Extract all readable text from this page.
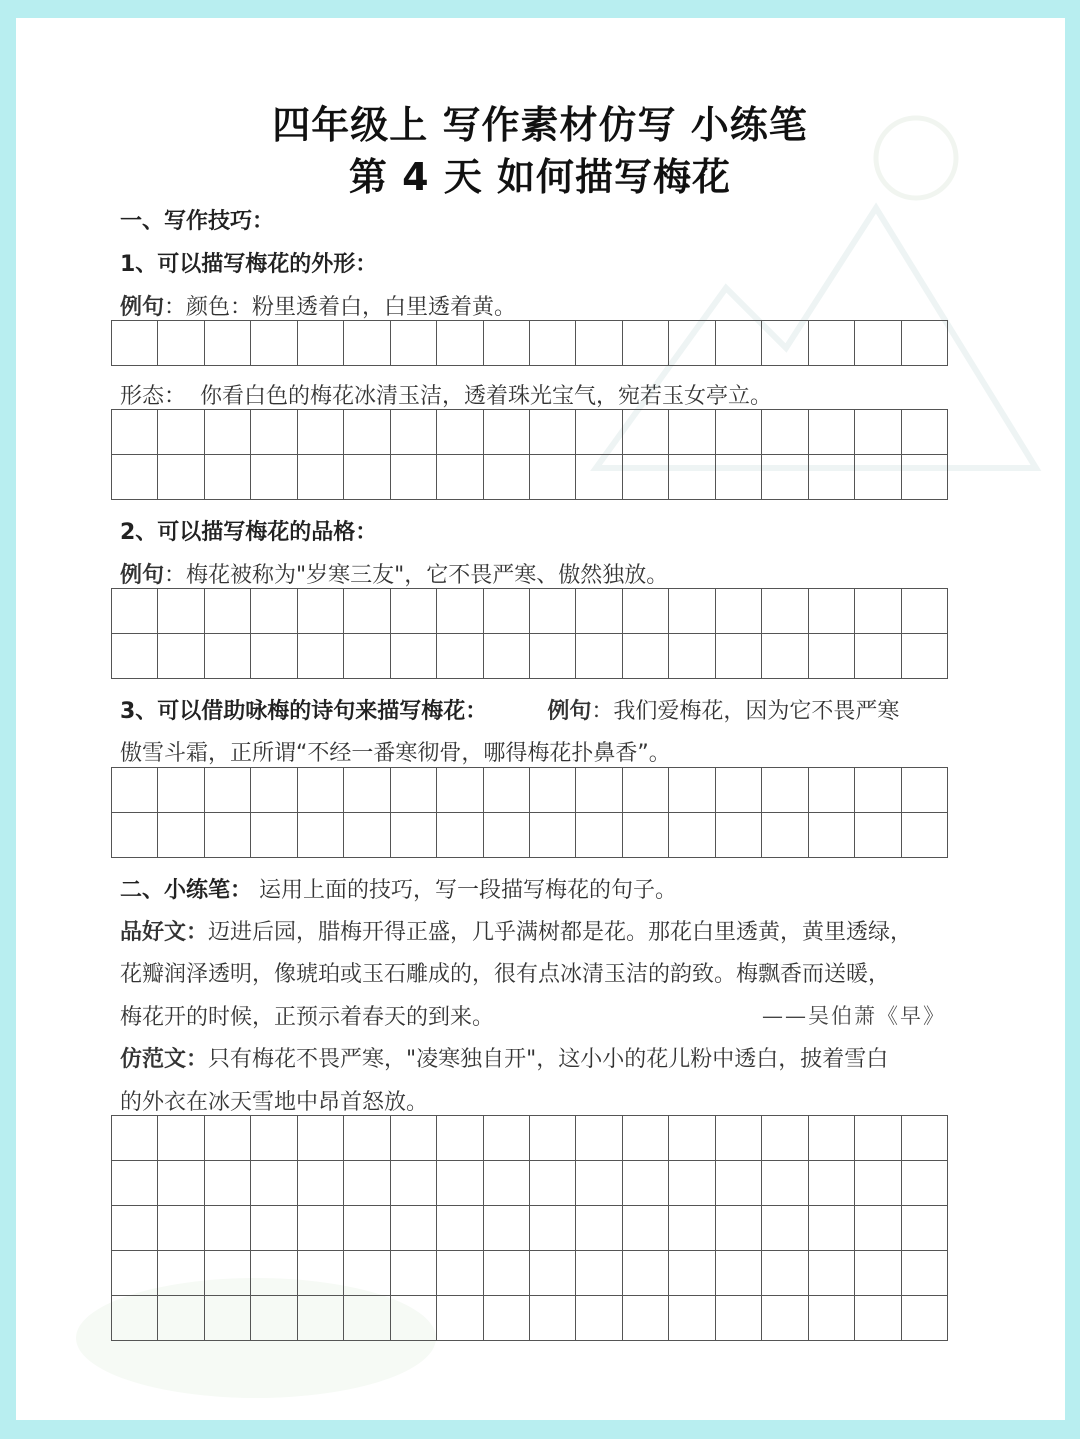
四年级上 写作素材仿写 小练笔
第 4 天 如何描写梅花
一、写作技巧：
1、可以描写梅花的外形：
例句：颜色：粉里透着白，白里透着黄。
形态： 你看白色的梅花冰清玉洁，透着珠光宝气，宛若玉女亭立。
2、可以描写梅花的品格：
例句：梅花被称为"岁寒三友"，它不畏严寒、傲然独放。
3、可以借助咏梅的诗句来描写梅花：	例句：我们爱梅花，因为它不畏严寒
傲雪斗霜，正所谓“不经一番寒彻骨，哪得梅花扑鼻香”。
二、小练笔： 运用上面的技巧，写一段描写梅花的句子。
品好文：迈进后园，腊梅开得正盛，几乎满树都是花。那花白里透黄，黄里透绿，
花瓣润泽透明，像琥珀或玉石雕成的，很有点冰清玉洁的韵致。梅飘香而送暖，
梅花开的时候，正预示着春天的到来。	——吴伯萧《早》
仿范文：只有梅花不畏严寒，"凌寒独自开"，这小小的花儿粉中透白，披着雪白
的外衣在冰天雪地中昂首怒放。
